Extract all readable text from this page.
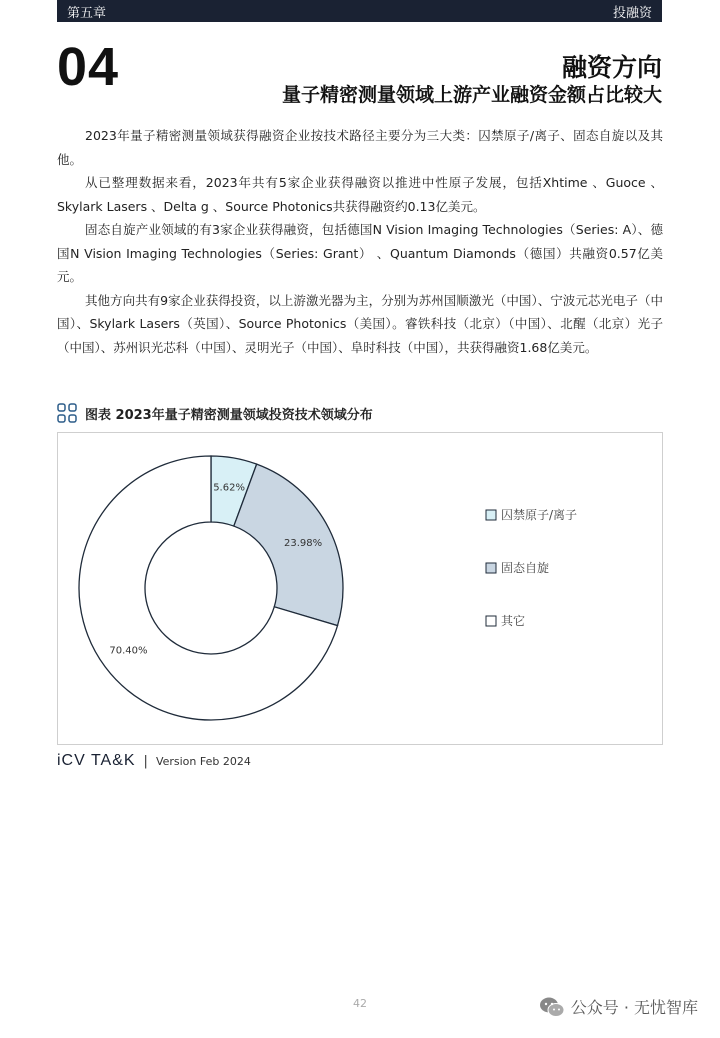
第五章	投融资
04	融资方向
量子精密测量领域上游产业融资金额占比较大

2023年量子精密测量领域获得融资企业按技术路径主要分为三大类：囚禁原子/离子、固态自旋以及其他。

从已整理数据来看，2023年共有5家企业获得融资以推进中性原子发展，包括Xhtime 、Guoce 、Skylark Lasers 、Delta g 、Source Photonics共获得融资约0.13亿美元。

固态自旋产业领域的有3家企业获得融资，包括德国N Vision Imaging Technologies（Series: A）、德国N Vision Imaging Technologies（Series: Grant） 、Quantum Diamonds（德国）共融资0.57亿美元。

其他方向共有9家企业获得投资，以上游激光器为主，分别为苏州国顺激光（中国）、宁波元芯光电子（中国）、Skylark Lasers（英国）、Source Photonics（美国）。睿铁科技（北京）（中国）、北醒（北京）光子（中国）、苏州识光芯科（中国）、灵明光子（中国）、阜时科技（中国），共获得融资1.68亿美元。

图表 2023年量子精密测量领域投资技术领域分布
5.62%
23.98%
70.40%
囚禁原子/离子
固态自旋
其它
iCV TA&K | Version Feb 2024
42	公众号 · 无忧智库
